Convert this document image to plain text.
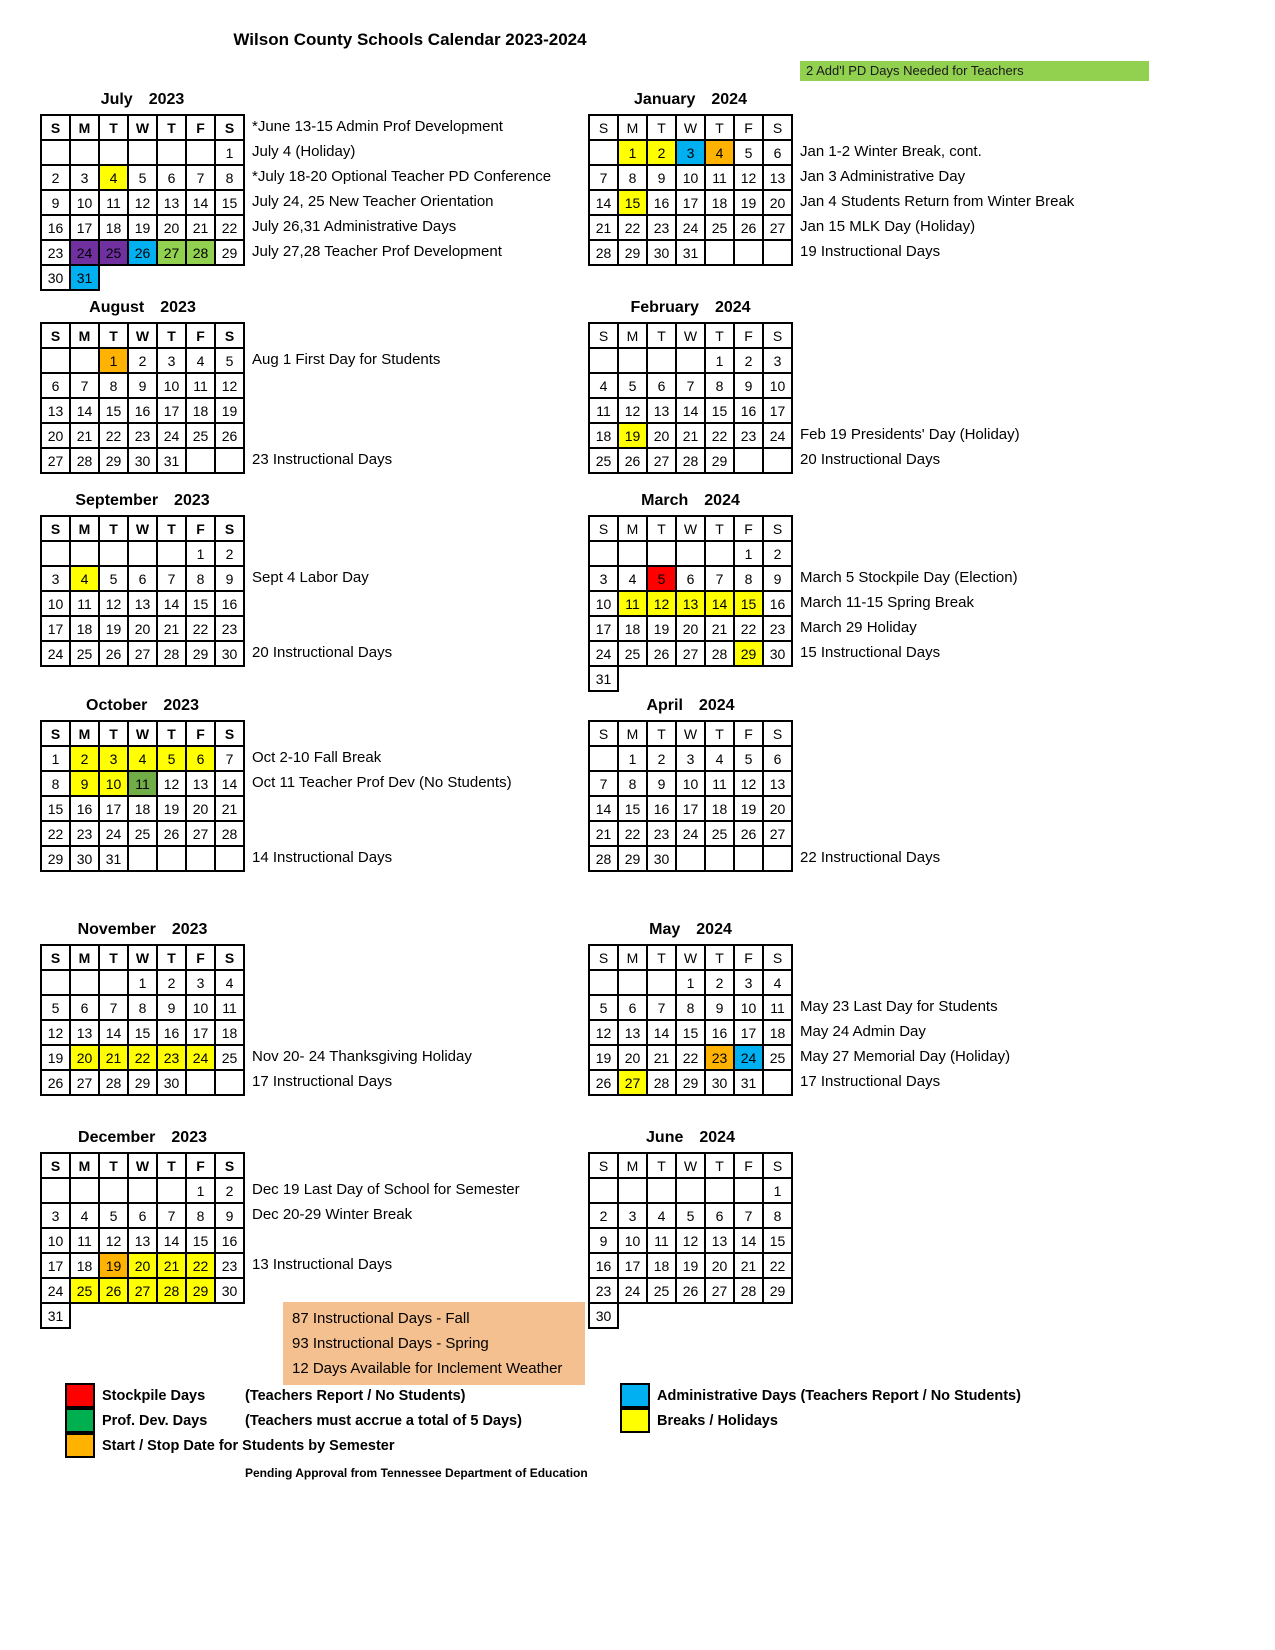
Wilson County Schools Calendar 2023-2024
2 Add'l PD Days Needed for Teachers
July 2023
S	M	T	W	T	F	S
						1
2	3	4	5	6	7	8
9	10	11	12	13	14	15
16	17	18	19	20	21	22
23	24	25	26	27	28	29
30	31					
*June 13-15 Admin Prof Development
July 4 (Holiday)
*July 18-20 Optional Teacher PD Conference
July 24, 25 New Teacher Orientation
July 26,31 Administrative Days
July 27,28 Teacher Prof Development
August 2023
S	M	T	W	T	F	S
		1	2	3	4	5
6	7	8	9	10	11	12
13	14	15	16	17	18	19
20	21	22	23	24	25	26
27	28	29	30	31		
Aug 1 First Day for Students
23 Instructional Days
September 2023
S	M	T	W	T	F	S
					1	2
3	4	5	6	7	8	9
10	11	12	13	14	15	16
17	18	19	20	21	22	23
24	25	26	27	28	29	30
Sept 4 Labor Day
20 Instructional Days
October 2023
S	M	T	W	T	F	S
1	2	3	4	5	6	7
8	9	10	11	12	13	14
15	16	17	18	19	20	21
22	23	24	25	26	27	28
29	30	31				
Oct 2-10 Fall Break
Oct 11 Teacher Prof Dev (No Students)
14 Instructional Days
November 2023
S	M	T	W	T	F	S
			1	2	3	4
5	6	7	8	9	10	11
12	13	14	15	16	17	18
19	20	21	22	23	24	25
26	27	28	29	30		
Nov 20- 24 Thanksgiving Holiday
17 Instructional Days
December 2023
S	M	T	W	T	F	S
					1	2
3	4	5	6	7	8	9
10	11	12	13	14	15	16
17	18	19	20	21	22	23
24	25	26	27	28	29	30
31						
Dec 19 Last Day of School for Semester
Dec 20-29 Winter Break
13 Instructional Days
January 2024
S	M	T	W	T	F	S
	1	2	3	4	5	6
7	8	9	10	11	12	13
14	15	16	17	18	19	20
21	22	23	24	25	26	27
28	29	30	31			
Jan 1-2 Winter Break, cont.
Jan 3 Administrative Day
Jan 4 Students Return from Winter Break
Jan 15 MLK Day (Holiday)
19 Instructional Days
February 2024
S	M	T	W	T	F	S
				1	2	3
4	5	6	7	8	9	10
11	12	13	14	15	16	17
18	19	20	21	22	23	24
25	26	27	28	29		
Feb 19 Presidents' Day (Holiday)
20 Instructional Days
March 2024
S	M	T	W	T	F	S
					1	2
3	4	5	6	7	8	9
10	11	12	13	14	15	16
17	18	19	20	21	22	23
24	25	26	27	28	29	30
31						
March 5 Stockpile Day (Election)
March 11-15 Spring Break
March 29 Holiday
15 Instructional Days
April 2024
S	M	T	W	T	F	S
	1	2	3	4	5	6
7	8	9	10	11	12	13
14	15	16	17	18	19	20
21	22	23	24	25	26	27
28	29	30					22 Instructional Days
May 2024
S	M	T	W	T	F	S
			1	2	3	4
5	6	7	8	9	10	11
12	13	14	15	16	17	18
19	20	21	22	23	24	25
26	27	28	29	30	31	
May 23 Last Day for Students
May 24 Admin Day
May 27 Memorial Day (Holiday)
17 Instructional Days
June 2024
S	M	T	W	T	F	S
						1
2	3	4	5	6	7	8
9	10	11	12	13	14	15
16	17	18	19	20	21	22
23	24	25	26	27	28	29
30						
87 Instructional Days - Fall
93 Instructional Days - Spring
12 Days Available for Inclement Weather
Stockpile Days	(Teachers Report / No Students)
Prof. Dev. Days	(Teachers must accrue a total of 5 Days)
Start / Stop Date for Students by Semester
Administrative Days (Teachers Report / No Students)
Breaks / Holidays
Pending Approval from Tennessee Department of Education
